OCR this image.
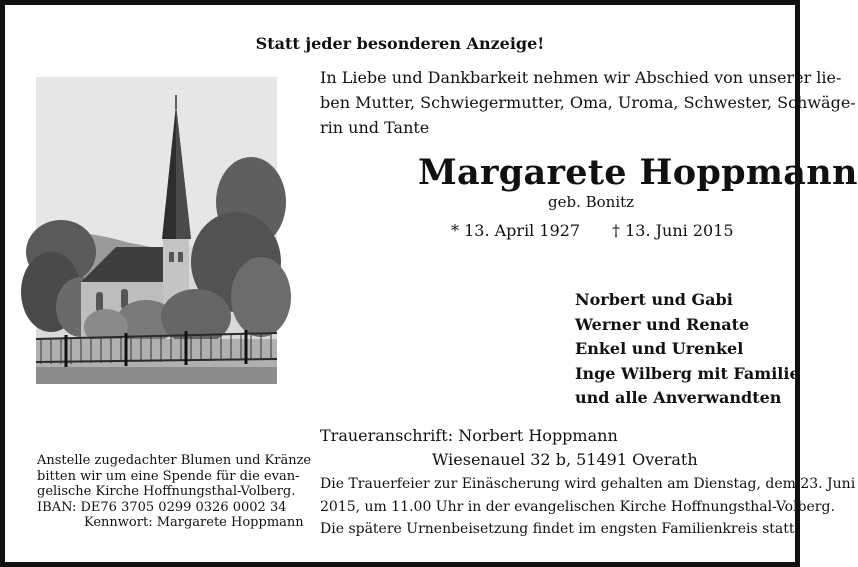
Statt jeder besonderen Anzeige!
In Liebe und Dankbarkeit nehmen wir Abschied von unserer lie-
ben Mutter, Schwiegermutter, Oma, Uroma, Schwester, Schwäge-
rin und Tante
Margarete Hoppmann
geb. Bonitz
* 13. April 1927 † 13. Juni 2015
Norbert und Gabi
Werner und Renate
Enkel und Urenkel
Inge Wilberg mit Familie
und alle Anverwandten
Traueranschrift: Norbert Hoppmann
Wiesenauel 32 b, 51491 Overath
Die Trauerfeier zur Einäscherung wird gehalten am Dienstag, dem 23. Juni
2015, um 11.00 Uhr in der evangelischen Kirche Hoffnungsthal-Volberg.
Die spätere Urnenbeisetzung findet im engsten Familienkreis statt.
Anstelle zugedachter Blumen und Kränze
bitten wir um eine Spende für die evan-
gelische Kirche Hoffnungsthal-Volberg.
IBAN: DE76 3705 0299 0326 0002 34
Kennwort: Margarete Hoppmann
